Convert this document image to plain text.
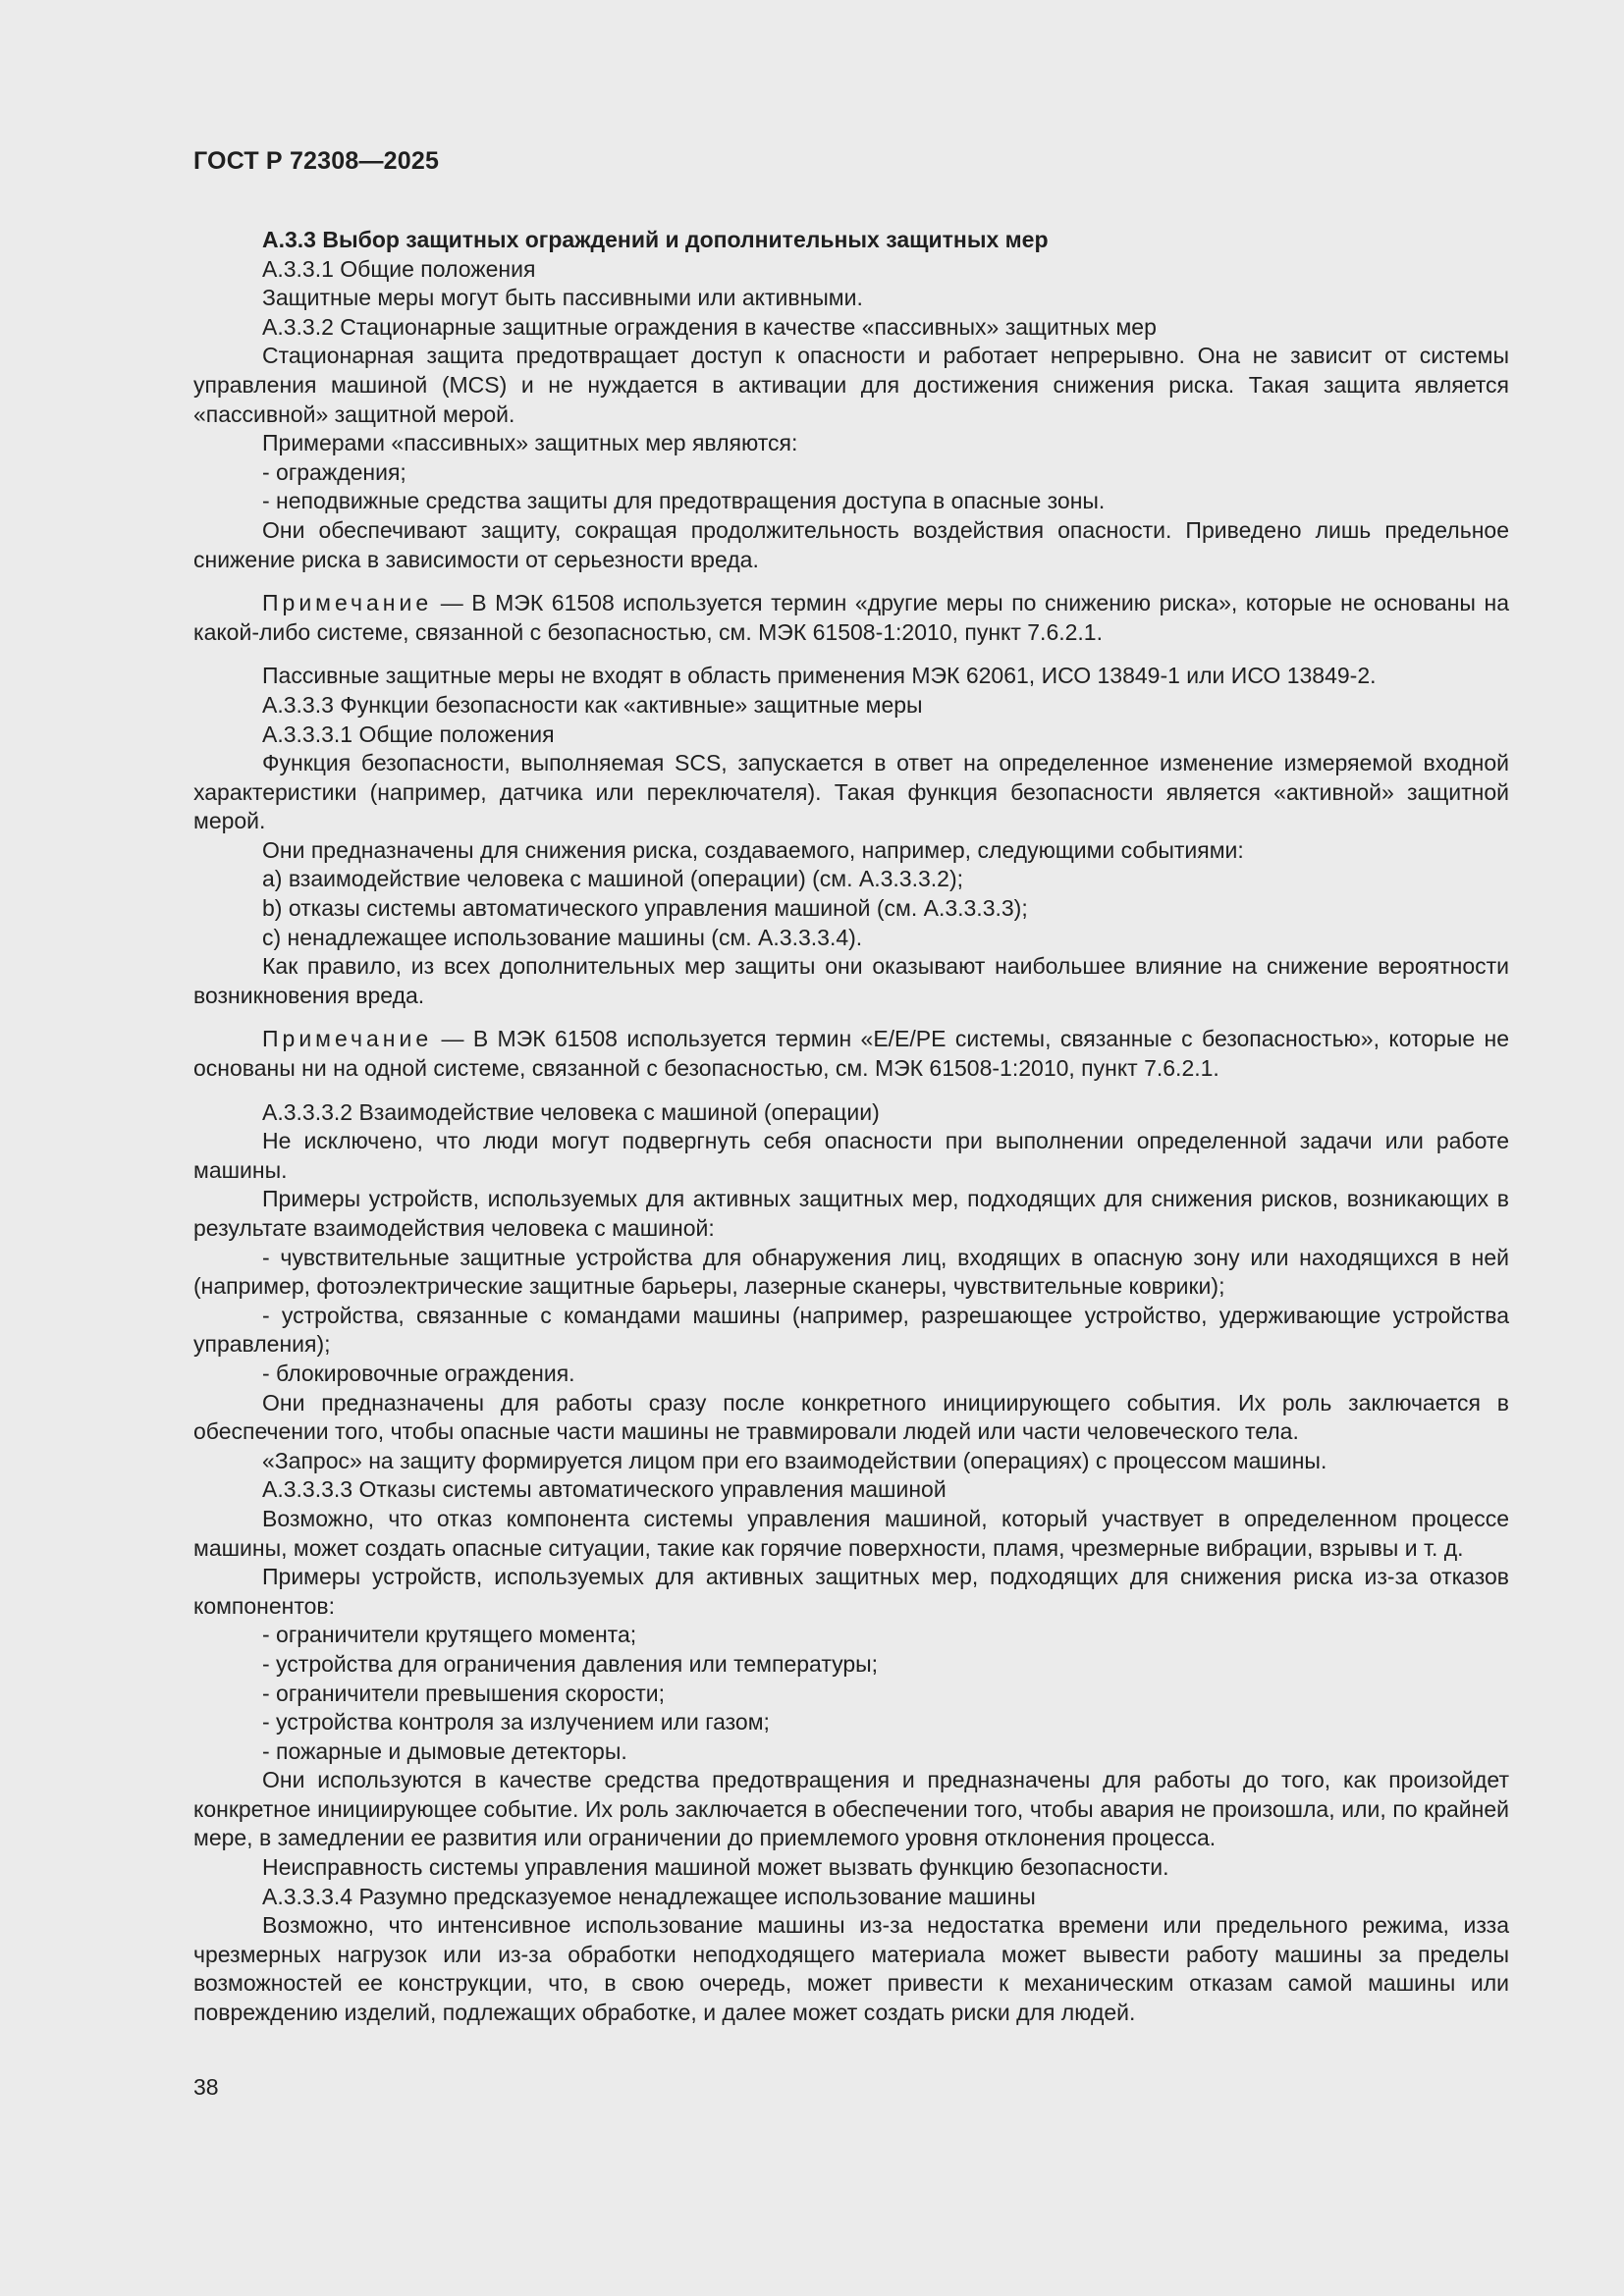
ГОСТ Р 72308—2025

А.3.3 Выбор защитных ограждений и дополнительных защитных мер

А.3.3.1 Общие положения

Защитные меры могут быть пассивными или активными.

А.3.3.2 Стационарные защитные ограждения в качестве «пассивных» защитных мер

Стационарная защита предотвращает доступ к опасности и работает непрерывно. Она не зависит от системы управления машиной (MCS) и не нуждается в активации для достижения снижения риска. Такая защита является «пассивной» защитной мерой.

Примерами «пассивных» защитных мер являются:

- ограждения;

- неподвижные средства защиты для предотвращения доступа в опасные зоны.

Они обеспечивают защиту, сокращая продолжительность воздействия опасности. Приведено лишь предельное снижение риска в зависимости от серьезности вреда.

Примечание — В МЭК 61508 используется термин «другие меры по снижению риска», которые не основаны на какой-либо системе, связанной с безопасностью, см. МЭК 61508-1:2010, пункт 7.6.2.1.

Пассивные защитные меры не входят в область применения МЭК 62061, ИСО 13849-1 или ИСО 13849-2.

А.3.3.3 Функции безопасности как «активные» защитные меры

А.3.3.3.1 Общие положения

Функция безопасности, выполняемая SCS, запускается в ответ на определенное изменение измеряемой входной характеристики (например, датчика или переключателя). Такая функция безопасности является «активной» защитной мерой.

Они предназначены для снижения риска, создаваемого, например, следующими событиями:

a) взаимодействие человека с машиной (операции) (см. А.3.3.3.2);

b) отказы системы автоматического управления машиной (см. А.3.3.3.3);

c) ненадлежащее использование машины (см. А.3.3.3.4).

Как правило, из всех дополнительных мер защиты они оказывают наибольшее влияние на снижение вероятности возникновения вреда.

Примечание — В МЭК 61508 используется термин «E/E/PE системы, связанные с безопасностью», которые не основаны ни на одной системе, связанной с безопасностью, см. МЭК 61508-1:2010, пункт 7.6.2.1.

А.3.3.3.2 Взаимодействие человека с машиной (операции)

Не исключено, что люди могут подвергнуть себя опасности при выполнении определенной задачи или работе машины.

Примеры устройств, используемых для активных защитных мер, подходящих для снижения рисков, возникающих в результате взаимодействия человека с машиной:

- чувствительные защитные устройства для обнаружения лиц, входящих в опасную зону или находящихся в ней (например, фотоэлектрические защитные барьеры, лазерные сканеры, чувствительные коврики);

- устройства, связанные с командами машины (например, разрешающее устройство, удерживающие устройства управления);

- блокировочные ограждения.

Они предназначены для работы сразу после конкретного инициирующего события. Их роль заключается в обеспечении того, чтобы опасные части машины не травмировали людей или части человеческого тела.

«Запрос» на защиту формируется лицом при его взаимодействии (операциях) с процессом машины.

А.3.3.3.3 Отказы системы автоматического управления машиной

Возможно, что отказ компонента системы управления машиной, который участвует в определенном процессе машины, может создать опасные ситуации, такие как горячие поверхности, пламя, чрезмерные вибрации, взрывы и т. д.

Примеры устройств, используемых для активных защитных мер, подходящих для снижения риска из-за отказов компонентов:

- ограничители крутящего момента;

- устройства для ограничения давления или температуры;

- ограничители превышения скорости;

- устройства контроля за излучением или газом;

- пожарные и дымовые детекторы.

Они используются в качестве средства предотвращения и предназначены для работы до того, как произойдет конкретное инициирующее событие. Их роль заключается в обеспечении того, чтобы авария не произошла, или, по крайней мере, в замедлении ее развития или ограничении до приемлемого уровня отклонения процесса.

Неисправность системы управления машиной может вызвать функцию безопасности.

А.3.3.3.4 Разумно предсказуемое ненадлежащее использование машины

Возможно, что интенсивное использование машины из-за недостатка времени или предельного режима, изза чрезмерных нагрузок или из-за обработки неподходящего материала может вывести работу машины за пределы возможностей ее конструкции, что, в свою очередь, может привести к механическим отказам самой машины или повреждению изделий, подлежащих обработке, и далее может создать риски для людей.

38
